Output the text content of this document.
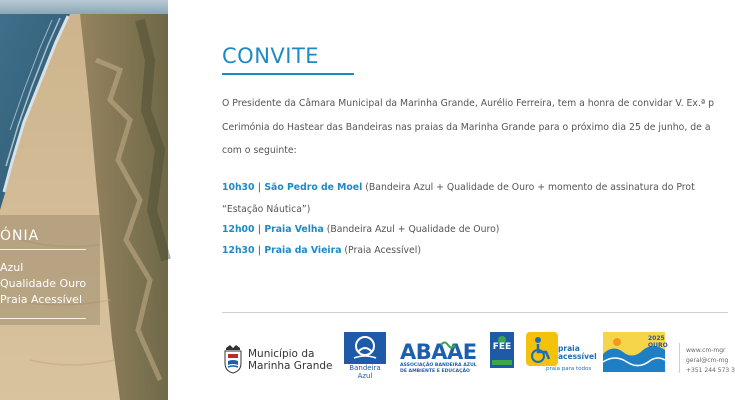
ÓNIA
Azul
Qualidade Ouro
Praia Acessível
CONVITE
O Presidente da Câmara Municipal da Marinha Grande, Aurélio Ferreira, tem a honra de convidar V. Ex.ª p
Cerimónia do Hastear das Bandeiras nas praias da Marinha Grande para o próximo dia 25 de junho, de a
com o seguinte:
10h30 | São Pedro de Moel (Bandeira Azul + Qualidade de Ouro + momento de assinatura do Prot
“Estação Náutica”)
12h00 | Praia Velha (Bandeira Azul + Qualidade de Ouro)
12h30 | Praia da Vieira (Praia Acessível)
Município da
Marinha Grande	Bandeira Azul
ABAAE
ASSOCIAÇÃO BANDEIRA AZUL
DE AMBIENTE E EDUCAÇÃO
FEE	praia
acessível
praia para todos
2025
OURO
www.cm-mgr
geral@cm-mg
+351 244 573 3
